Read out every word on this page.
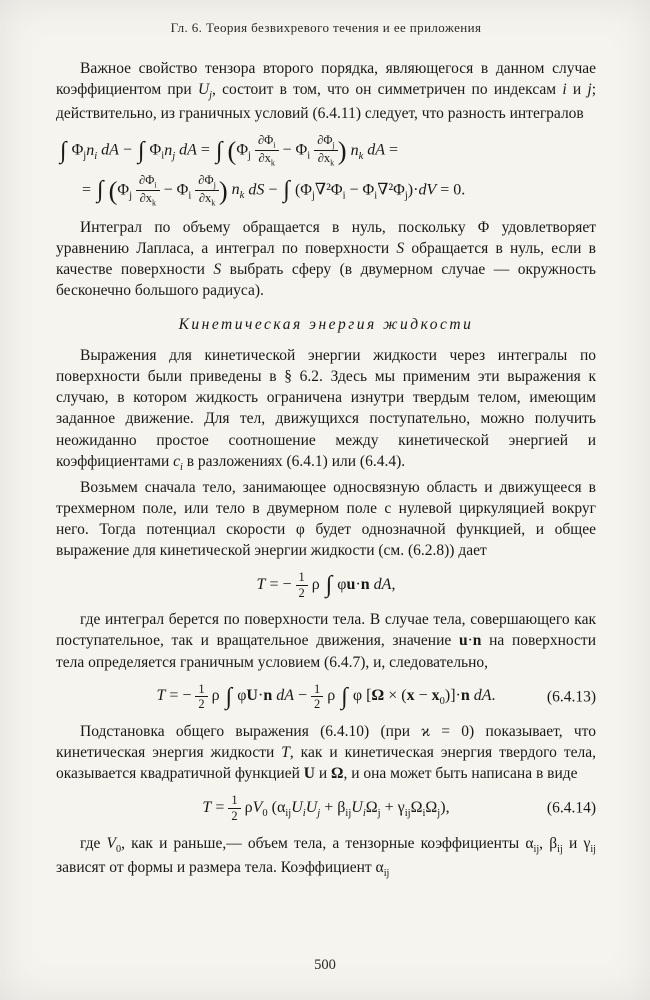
Гл. 6. Теория безвихревого течения и ее приложения

Важное свойство тензора второго порядка, являющегося в данном случае коэффициентом при $U_j$, состоит в том, что он симметричен по индексам i и j; действительно, из граничных условий (6.4.11) следует, что разность интегралов

∫ $\Phi_jn_i$ dA − ∫ $\Phi_in_j$ dA = ∫ ($\Phi_j \frac{\partial\Phi_i}{\partial x_k} - \Phi_i \frac{\partial\Phi_j}{\partial x_k}$ ) $n_k$ dA =
= ∫ ($\Phi_j \frac{\partial\Phi_i}{\partial x_k} - \Phi_i \frac{\partial\Phi_j}{\partial x_k}$ ) $n_k$ dS − ∫ $(\Phi_j\nabla^2\Phi_i - \Phi_i\nabla^2\Phi_j)\cdot dV = 0$.

Интеграл по объему обращается в нуль, поскольку Φ удовлетворяет уравнению Лапласа, а интеграл по поверхности S обращается в нуль, если в качестве поверхности S выбрать сферу (в двумерном случае — окружность бесконечно большого радиуса).

Кинетическая энергия жидкости

Выражения для кинетической энергии жидкости через интегралы по поверхности были приведены в § 6.2. Здесь мы применим эти выражения к случаю, в котором жидкость ограничена изнутри твердым телом, имеющим заданное движение. Для тел, движущихся поступательно, можно получить неожиданно простое соотношение между кинетической энергией и коэффициентами $c_i$ в разложениях (6.4.1) или (6.4.4).

Возьмем сначала тело, занимающее односвязную область и движущееся в трехмерном поле, или тело в двумерном поле с нулевой циркуляцией вокруг него. Тогда потенциал скорости φ будет однозначной функцией, и общее выражение для кинетической энергии жидкости (см. (6.2.8)) дает

T = − $\frac{1}{2}$ ρ ∫ φu·n dA,

где интеграл берется по поверхности тела. В случае тела, совершающего как поступательное, так и вращательное движения, значение u·n на поверхности тела определяется граничным условием (6.4.7), и, следовательно,

T = − $\frac{1}{2}$ ρ ∫ φU·n dA − $\frac{1}{2}$ ρ ∫ φ $[\Omega \times (x - x_0)]\cdot n$ dA.	(6.4.13)

Подстановка общего выражения (6.4.10) (при ϰ = 0) показывает, что кинетическая энергия жидкости T, как и кинетическая энергия твердого тела, оказывается квадратичной функцией U и Ω, и она может быть написана в виде

$T = \frac{1}{2} \rho V_0$ $(\alpha_{ij}U_iU_j + \beta_{ij}U_i\Omega_j + \gamma_{ij}\Omega_i\Omega_j)$,	(6.4.14)

где $V_0$, как и раньше,— объем тела, а тензорные коэффициенты $\alpha_{ij}$, $\beta_{ij}$ и $\gamma_{ij}$ зависят от формы и размера тела. Коэффициент $\alpha_{ij}$

500
